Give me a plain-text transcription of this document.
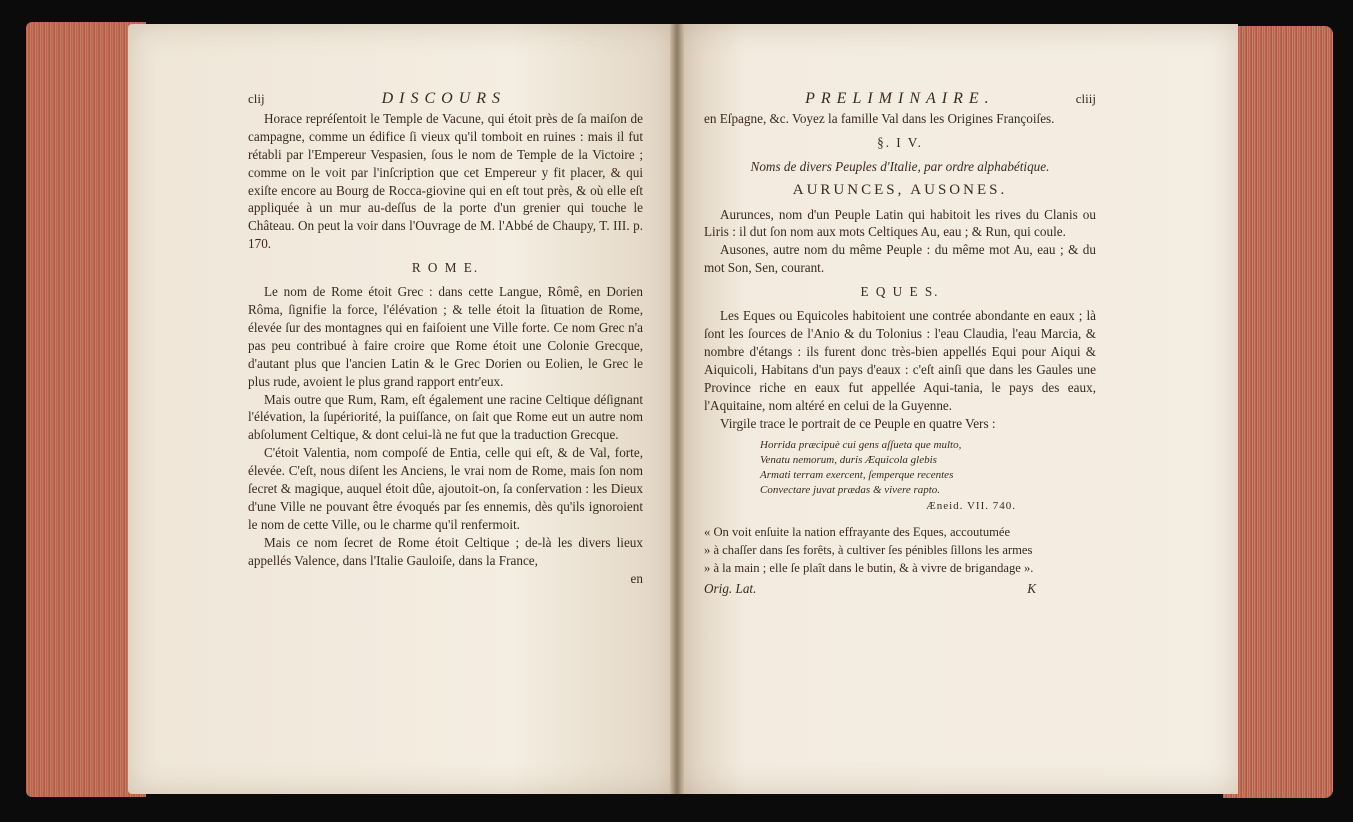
clij	DISCOURS

Horace repréſentoit le Temple de Vacune, qui étoit près de ſa maiſon de campagne, comme un édifice ſi vieux qu'il tomboit en ruines : mais il fut rétabli par l'Empereur Vespasien, ſous le nom de Temple de la Victoire ; comme on le voit par l'inſcription que cet Empereur y fit placer, & qui exiſte encore au Bourg de Rocca-giovine qui en eſt tout près, & où elle eſt appliquée à un mur au-deſſus de la porte d'un grenier qui touche le Château. On peut la voir dans l'Ouvrage de M. l'Abbé de Chaupy, T. III. p. 170.

R O M E.

Le nom de Rome étoit Grec : dans cette Langue, Rômê, en Dorien Rôma, ſignifie la force, l'élévation ; & telle étoit la ſituation de Rome, élevée ſur des montagnes qui en faiſoient une Ville forte. Ce nom Grec n'a pas peu contribué à faire croire que Rome étoit une Colonie Grecque, d'autant plus que l'ancien Latin & le Grec Dorien ou Eolien, le Grec le plus rude, avoient le plus grand rapport entr'eux.

Mais outre que Rum, Ram, eſt également une racine Celtique déſignant l'élévation, la ſupériorité, la puiſſance, on ſait que Rome eut un autre nom abſolument Celtique, & dont celui-là ne fut que la traduction Grecque.

C'étoit Valentia, nom compoſé de Entia, celle qui eſt, & de Val, forte, élevée. C'eſt, nous diſent les Anciens, le vrai nom de Rome, mais ſon nom ſecret & magique, auquel étoit dûe, ajoutoit-on, ſa conſervation : les Dieux d'une Ville ne pouvant être évoqués par ſes ennemis, dès qu'ils ignoroient le nom de cette Ville, ou le charme qu'il renfermoit.

Mais ce nom ſecret de Rome étoit Celtique ; de-là les divers lieux appellés Valence, dans l'Italie Gauloiſe, dans la France,

en
PRELIMINAIRE.	cliij

en Eſpagne, &c. Voyez la famille Val dans les Origines Françoiſes.

§. I V.

Noms de divers Peuples d'Italie, par ordre alphabétique.

AURUNCES, AUSONES.

Aurunces, nom d'un Peuple Latin qui habitoit les rives du Clanis ou Liris : il dut ſon nom aux mots Celtiques Au, eau ; & Run, qui coule.

Ausones, autre nom du même Peuple : du même mot Au, eau ; & du mot Son, Sen, courant.

E Q U E S.

Les Eques ou Equicoles habitoient une contrée abondante en eaux ; là ſont les ſources de l'Anio & du Tolonius : l'eau Claudia, l'eau Marcia, & nombre d'étangs : ils furent donc très-bien appellés Equi pour Aiqui & Aiquicoli, Habitans d'un pays d'eaux : c'eſt ainſi que dans les Gaules une Province riche en eaux fut appellée Aqui-tania, le pays des eaux, l'Aquitaine, nom altéré en celui de la Guyenne.

Virgile trace le portrait de ce Peuple en quatre Vers :

Horrida præcipuè cui gens aſſueta que multo,
Venatu nemorum, duris Æquicola glebis
Armati terram exercent, ſemperque recentes
Convectare juvat prædas & vivere rapto.
Æneid. VII. 740.

« On voit enſuite la nation effrayante des Eques, accoutumée

» à chaſſer dans ſes forêts, à cultiver ſes pénibles ſillons les armes

» à la main ; elle ſe plaît dans le butin, & à vivre de brigandage ».

Orig. Lat.	K
